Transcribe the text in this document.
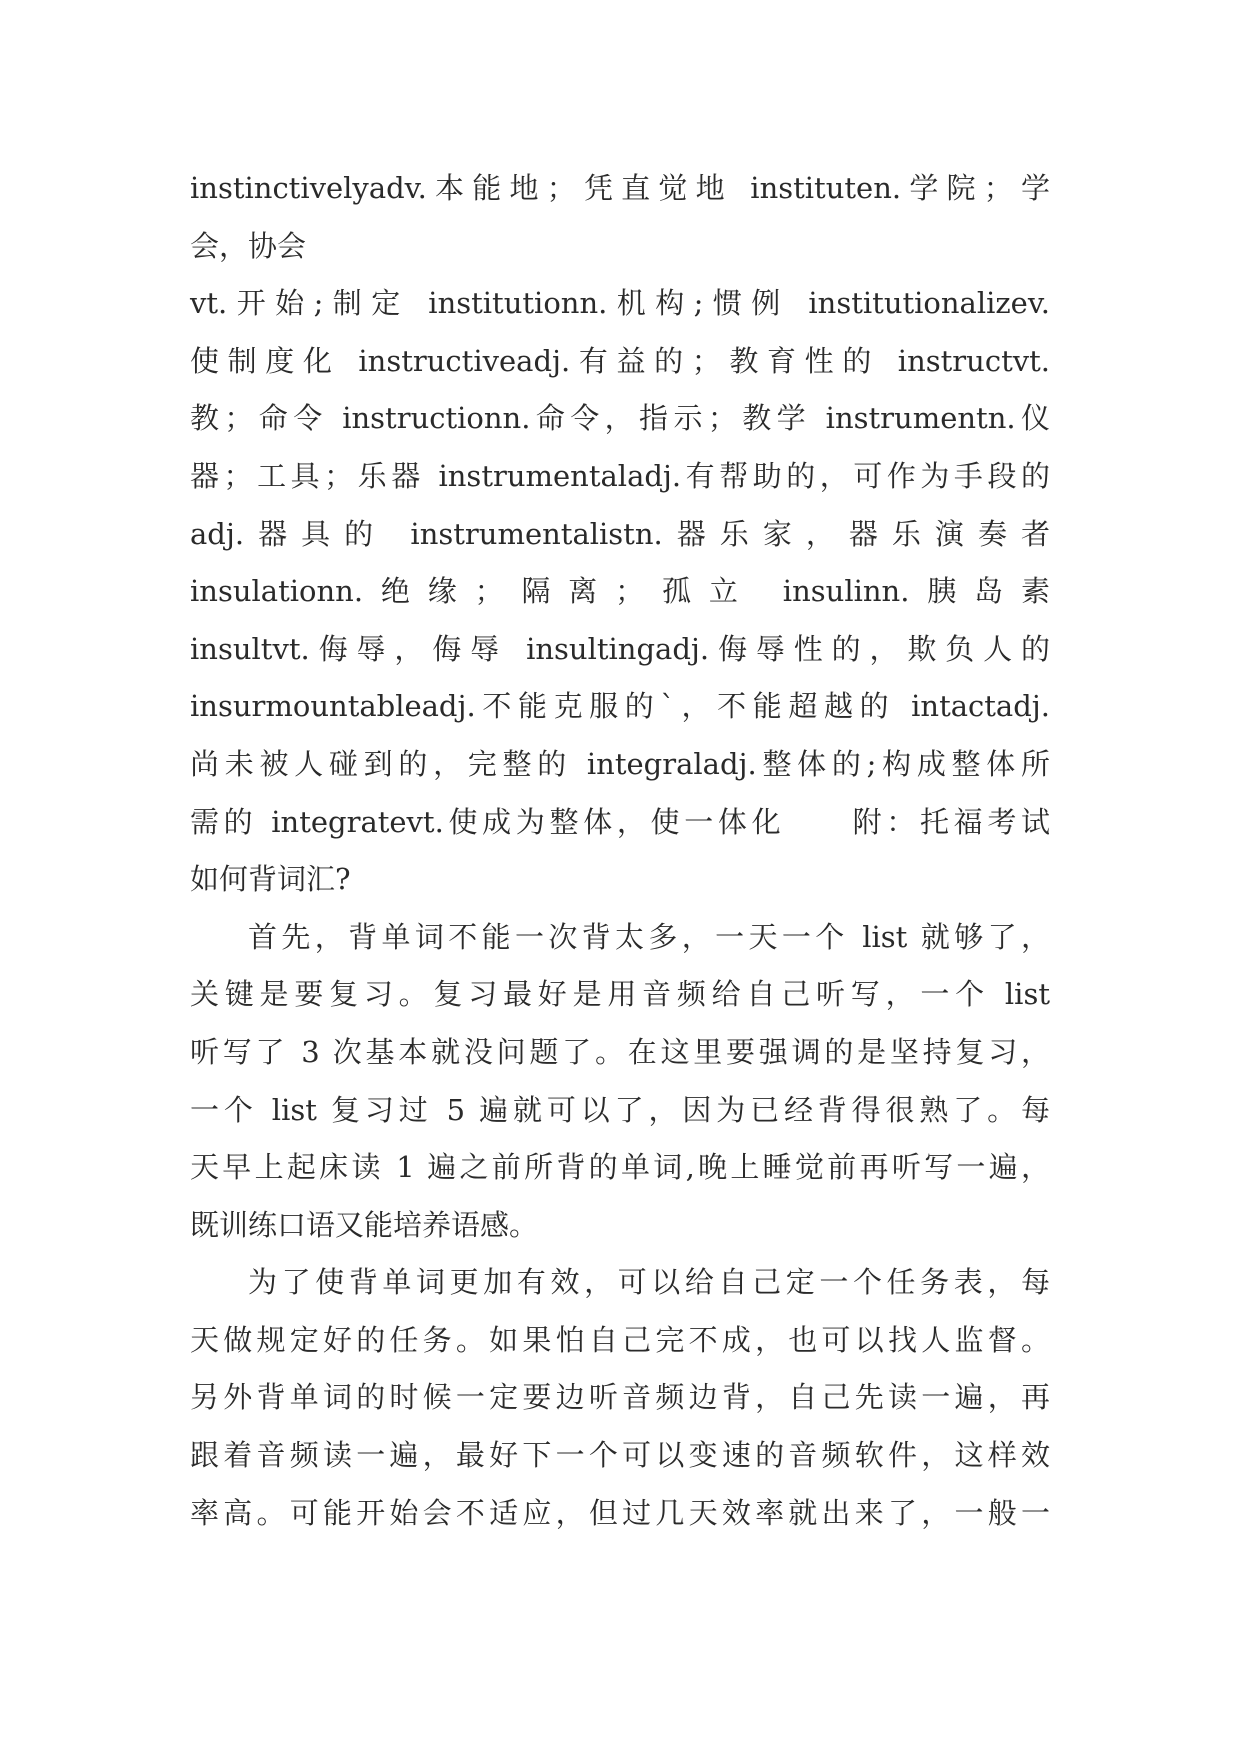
instinctivelyadv.本能地；凭直觉地 instituten.学院；学
会，协会
vt.开始;制定 institutionn.机构;惯例 institutionalizev.
使制度化 instructiveadj.有益的；教育性的 instructvt.
教；命令 instructionn.命令，指示；教学 instrumentn.仪
器；工具；乐器 instrumentaladj.有帮助的，可作为手段的
adj.器具的 instrumentalistn.器乐家，器乐演奏者
insulationn.绝缘；隔离；孤立 insulinn.胰岛素
insultvt.侮辱，侮辱 insultingadj.侮辱性的，欺负人的
insurmountableadj.不能克服的`，不能超越的 intactadj.
尚未被人碰到的，完整的 integraladj.整体的;构成整体所
需的 integratevt.使成为整体，使一体化　　附：托福考试
如何背词汇?
首先，背单词不能一次背太多，一天一个 list 就够了，
关键是要复习。复习最好是用音频给自己听写，一个 list
听写了 3 次基本就没问题了。在这里要强调的是坚持复习，
一个 list 复习过 5 遍就可以了，因为已经背得很熟了。每
天早上起床读 1 遍之前所背的单词,晚上睡觉前再听写一遍，
既训练口语又能培养语感。
为了使背单词更加有效，可以给自己定一个任务表，每
天做规定好的任务。如果怕自己完不成，也可以找人监督。
另外背单词的时候一定要边听音频边背，自己先读一遍，再
跟着音频读一遍，最好下一个可以变速的音频软件，这样效
率高。可能开始会不适应，但过几天效率就出来了，一般一
